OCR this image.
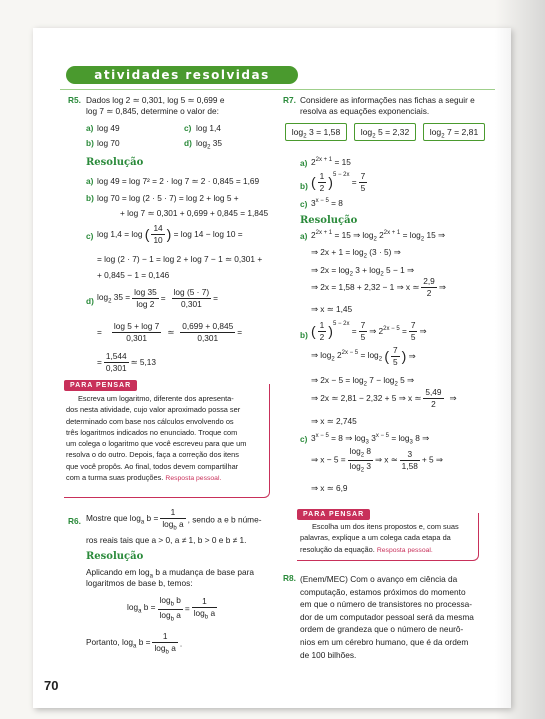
atividades resolvidas
R5. Dados log 2 ≃ 0,301, log 5 ≃ 0,699 e
log 7 ≃ 0,845, determine o valor de:
a) log 49	c) log 1,4
b) log 70	d) $\log_2 35$
Resolução
a) log 49 = log 7² = 2 · log 7 ≃ 2 · 0,845 = 1,69
b) log 70 = log (2 · 5 · 7) = log 2 + log 5 +
+ log 7 ≃ 0,301 + 0,699 + 0,845 = 1,845
c) log 1,4 = log ( $\frac{14}{10}$ ) = log 14 − log 10 =
= log (2 · 7) − 1 = log 2 + log 7 − 1 ≃ 0,301 +
+ 0,845 − 1 = 0,146
d) $\log_2 35 = \frac{\log 35}{\log 2} = \frac{\log (5 \cdot 7)}{0,301}$ =
= $\frac{\log 5 + \log 7}{0,301}$ ≃ $\frac{0,699 + 0,845}{0,301}$ =
= $\frac{1,544}{0,301}$ ≃ 5,13
PARA PENSAR
Escreva um logaritmo, diferente dos apresenta-
dos nesta atividade, cujo valor aproximado possa ser
determinado com base nos cálculos envolvendo os
três logaritmos indicados no enunciado. Troque com
um colega o logaritmo que você escreveu para que um
resolva o do outro. Depois, faça a correção dos itens
que você propôs. Ao final, todos devem compartilhar
com a turma suas produções. Resposta pessoal.
R6. Mostre que $\log_a b = \frac{1}{\log_b a}$ , sendo a e b núme-
ros reais tais que a > 0, a ≠ 1, b > 0 e b ≠ 1.
Resolução
Aplicando em $\log_a b$ a mudança de base para
logaritmos de base b, temos:
$\log_a b = \frac{\log_b b}{\log_b a} = \frac{1}{\log_b a}$
Portanto, $\log_a b = \frac{1}{\log_b a}$ .
70
R7. Considere as informações nas fichas a seguir e
resolva as equações exponenciais.
$\log_2 3 = 1,58$	$\log_2 5 = 2,32$	$\log_2 7 = 2,81$
a) $2^{2x + 1} = 15$
b) ( $\frac{1}{2} )^{5 - 2x} = \frac{7}{5}$
c) $3^{x - 5} = 8$
Resolução
a) $2^{2x + 1} = 15$ ⇒ $\log_2 2^{2x + 1} = \log_2 15$ ⇒
⇒ $2x + 1 = \log_2 (3 \cdot 5)$ ⇒
⇒ $2x = \log_2 3 + \log_2 5 - 1$ ⇒
⇒ 2x = 1,58 + 2,32 − 1 ⇒ x ≃ $\frac{2,9}{2}$ ⇒
⇒ x ≃ 1,45
b) ( $\frac{1}{2} )^{5 - 2x} = \frac{7}{5}$ ⇒ $2^{2x - 5} = \frac{7}{5}$ ⇒
⇒ $\log_2 2^{2x - 5} = \log_2$ ( $\frac{7}{5}$ ) ⇒
⇒ $2x - 5 = \log_2 7 - \log_2 5$ ⇒
⇒ 2x ≃ 2,81 − 2,32 + 5 ⇒ x ≃ $\frac{5,49}{2}$ ⇒
⇒ x ≃ 2,745
c) $3^{x - 5} = 8$ ⇒ $\log_3 3^{x - 5} = \log_3 8$ ⇒
⇒ $x - 5 = \frac{\log_2 8}{\log_2 3}$ ⇒ x ≃ $\frac{3}{1,58} + 5$ ⇒
⇒ x ≃ 6,9
PARA PENSAR
Escolha um dos itens propostos e, com suas
palavras, explique a um colega cada etapa da
resolução da equação. Resposta pessoal.
R8. (Enem/MEC) Com o avanço em ciência da
computação, estamos próximos do momento
em que o número de transistores no processa-
dor de um computador pessoal será da mesma
ordem de grandeza que o número de neurô-
nios em um cérebro humano, que é da ordem
de 100 bilhões.
